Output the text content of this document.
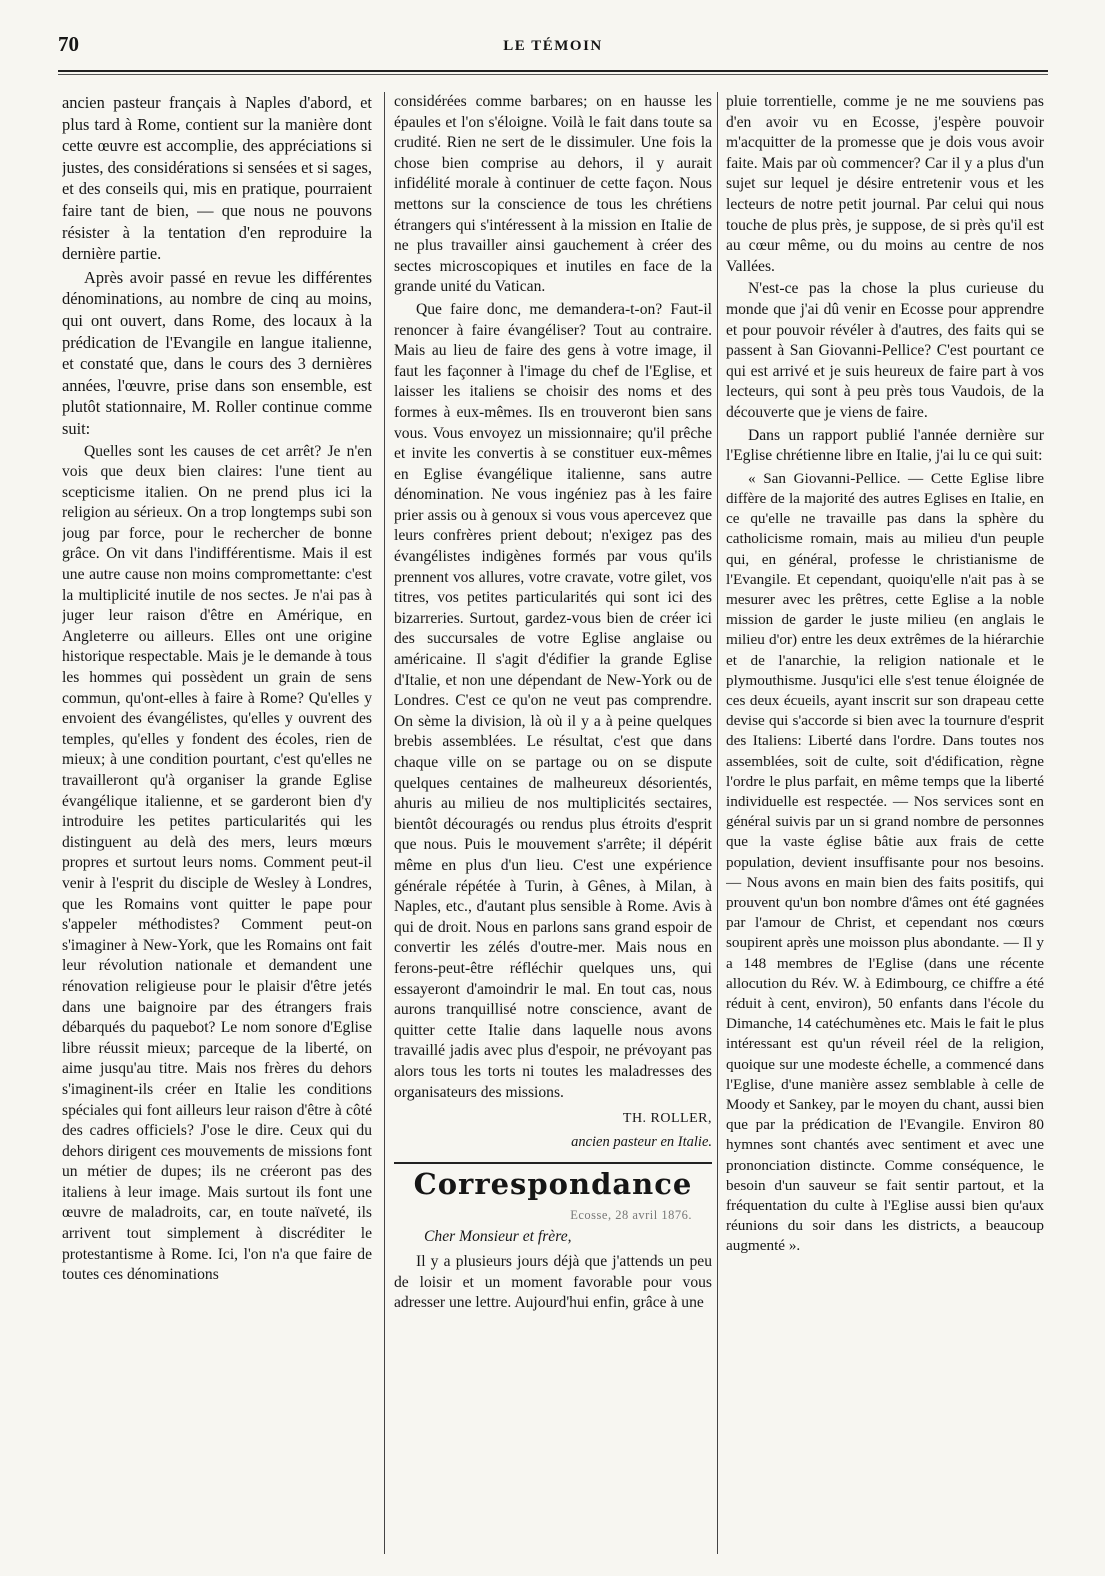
70	LE TÉMOIN

ancien pasteur français à Naples d'abord, et plus tard à Rome, contient sur la manière dont cette œuvre est accomplie, des appréciations si justes, des considérations si sensées et si sages, et des conseils qui, mis en pratique, pourraient faire tant de bien, — que nous ne pouvons résister à la tentation d'en reproduire la dernière partie.

Après avoir passé en revue les différentes dénominations, au nombre de cinq au moins, qui ont ouvert, dans Rome, des locaux à la prédication de l'Evangile en langue italienne, et constaté que, dans le cours des 3 dernières années, l'œuvre, prise dans son ensemble, est plutôt stationnaire, M. Roller continue comme suit:

Quelles sont les causes de cet arrêt? Je n'en vois que deux bien claires: l'une tient au scepticisme italien. On ne prend plus ici la religion au sérieux. On a trop longtemps subi son joug par force, pour le rechercher de bonne grâce. On vit dans l'indifférentisme. Mais il est une autre cause non moins compromettante: c'est la multiplicité inutile de nos sectes. Je n'ai pas à juger leur raison d'être en Amérique, en Angleterre ou ailleurs. Elles ont une origine historique respectable. Mais je le demande à tous les hommes qui possèdent un grain de sens commun, qu'ont-elles à faire à Rome? Qu'elles y envoient des évangélistes, qu'elles y ouvrent des temples, qu'elles y fondent des écoles, rien de mieux; à une condition pourtant, c'est qu'elles ne travailleront qu'à organiser la grande Eglise évangélique italienne, et se garderont bien d'y introduire les petites particularités qui les distinguent au delà des mers, leurs mœurs propres et surtout leurs noms. Comment peut-il venir à l'esprit du disciple de Wesley à Londres, que les Romains vont quitter le pape pour s'appeler méthodistes? Comment peut-on s'imaginer à New-York, que les Romains ont fait leur révolution nationale et demandent une rénovation religieuse pour le plaisir d'être jetés dans une baignoire par des étrangers frais débarqués du paquebot? Le nom sonore d'Eglise libre réussit mieux; parceque de la liberté, on aime jusqu'au titre. Mais nos frères du dehors s'imaginent-ils créer en Italie les conditions spéciales qui font ailleurs leur raison d'être à côté des cadres officiels? J'ose le dire. Ceux qui du dehors dirigent ces mouvements de missions font un métier de dupes; ils ne créeront pas des italiens à leur image. Mais surtout ils font une œuvre de maladroits, car, en toute naïveté, ils arrivent tout simplement à discréditer le protestantisme à Rome. Ici, l'on n'a que faire de toutes ces dénominations

considérées comme barbares; on en hausse les épaules et l'on s'éloigne. Voilà le fait dans toute sa crudité. Rien ne sert de le dissimuler. Une fois la chose bien comprise au dehors, il y aurait infidélité morale à continuer de cette façon. Nous mettons sur la conscience de tous les chrétiens étrangers qui s'intéressent à la mission en Italie de ne plus travailler ainsi gauchement à créer des sectes microscopiques et inutiles en face de la grande unité du Vatican.

Que faire donc, me demandera-t-on? Faut-il renoncer à faire évangéliser? Tout au contraire. Mais au lieu de faire des gens à votre image, il faut les façonner à l'image du chef de l'Eglise, et laisser les italiens se choisir des noms et des formes à eux-mêmes. Ils en trouveront bien sans vous. Vous envoyez un missionnaire; qu'il prêche et invite les convertis à se constituer eux-mêmes en Eglise évangélique italienne, sans autre dénomination. Ne vous ingéniez pas à les faire prier assis ou à genoux si vous vous apercevez que leurs confrères prient debout; n'exigez pas des évangélistes indigènes formés par vous qu'ils prennent vos allures, votre cravate, votre gilet, vos titres, vos petites particularités qui sont ici des bizarreries. Surtout, gardez-vous bien de créer ici des succursales de votre Eglise anglaise ou américaine. Il s'agit d'édifier la grande Eglise d'Italie, et non une dépendant de New-York ou de Londres. C'est ce qu'on ne veut pas comprendre. On sème la division, là où il y a à peine quelques brebis assemblées. Le résultat, c'est que dans chaque ville on se partage ou on se dispute quelques centaines de malheureux désorientés, ahuris au milieu de nos multiplicités sectaires, bientôt découragés ou rendus plus étroits d'esprit que nous. Puis le mouvement s'arrête; il dépérit même en plus d'un lieu. C'est une expérience générale répétée à Turin, à Gênes, à Milan, à Naples, etc., d'autant plus sensible à Rome. Avis à qui de droit. Nous en parlons sans grand espoir de convertir les zélés d'outre-mer. Mais nous en ferons-peut-être réfléchir quelques uns, qui essayeront d'amoindrir le mal. En tout cas, nous aurons tranquillisé notre conscience, avant de quitter cette Italie dans laquelle nous avons travaillé jadis avec plus d'espoir, ne prévoyant pas alors tous les torts ni toutes les maladresses des organisateurs des missions.

TH. ROLLER,

ancien pasteur en Italie.

Correspondance
Ecosse, 28 avril 1876.

Cher Monsieur et frère,

Il y a plusieurs jours déjà que j'attends un peu de loisir et un moment favorable pour vous adresser une lettre. Aujourd'hui enfin, grâce à une

pluie torrentielle, comme je ne me souviens pas d'en avoir vu en Ecosse, j'espère pouvoir m'acquitter de la promesse que je dois vous avoir faite. Mais par où commencer? Car il y a plus d'un sujet sur lequel je désire entretenir vous et les lecteurs de notre petit journal. Par celui qui nous touche de plus près, je suppose, de si près qu'il est au cœur même, ou du moins au centre de nos Vallées.

N'est-ce pas la chose la plus curieuse du monde que j'ai dû venir en Ecosse pour apprendre et pour pouvoir révéler à d'autres, des faits qui se passent à San Giovanni-Pellice? C'est pourtant ce qui est arrivé et je suis heureux de faire part à vos lecteurs, qui sont à peu près tous Vaudois, de la découverte que je viens de faire.

Dans un rapport publié l'année dernière sur l'Eglise chrétienne libre en Italie, j'ai lu ce qui suit:

« San Giovanni-Pellice. — Cette Eglise libre diffère de la majorité des autres Eglises en Italie, en ce qu'elle ne travaille pas dans la sphère du catholicisme romain, mais au milieu d'un peuple qui, en général, professe le christianisme de l'Evangile. Et cependant, quoiqu'elle n'ait pas à se mesurer avec les prêtres, cette Eglise a la noble mission de garder le juste milieu (en anglais le milieu d'or) entre les deux extrêmes de la hiérarchie et de l'anarchie, la religion nationale et le plymouthisme. Jusqu'ici elle s'est tenue éloignée de ces deux écueils, ayant inscrit sur son drapeau cette devise qui s'accorde si bien avec la tournure d'esprit des Italiens: Liberté dans l'ordre. Dans toutes nos assemblées, soit de culte, soit d'édification, règne l'ordre le plus parfait, en même temps que la liberté individuelle est respectée. — Nos services sont en général suivis par un si grand nombre de personnes que la vaste église bâtie aux frais de cette population, devient insuffisante pour nos besoins. — Nous avons en main bien des faits positifs, qui prouvent qu'un bon nombre d'âmes ont été gagnées par l'amour de Christ, et cependant nos cœurs soupirent après une moisson plus abondante. — Il y a 148 membres de l'Eglise (dans une récente allocution du Rév. W. à Edimbourg, ce chiffre a été réduit à cent, environ), 50 enfants dans l'école du Dimanche, 14 catéchumènes etc. Mais le fait le plus intéressant est qu'un réveil réel de la religion, quoique sur une modeste échelle, a commencé dans l'Eglise, d'une manière assez semblable à celle de Moody et Sankey, par le moyen du chant, aussi bien que par la prédication de l'Evangile. Environ 80 hymnes sont chantés avec sentiment et avec une prononciation distincte. Comme conséquence, le besoin d'un sauveur se fait sentir partout, et la fréquentation du culte à l'Eglise aussi bien qu'aux réunions du soir dans les districts, a beaucoup augmenté ».
